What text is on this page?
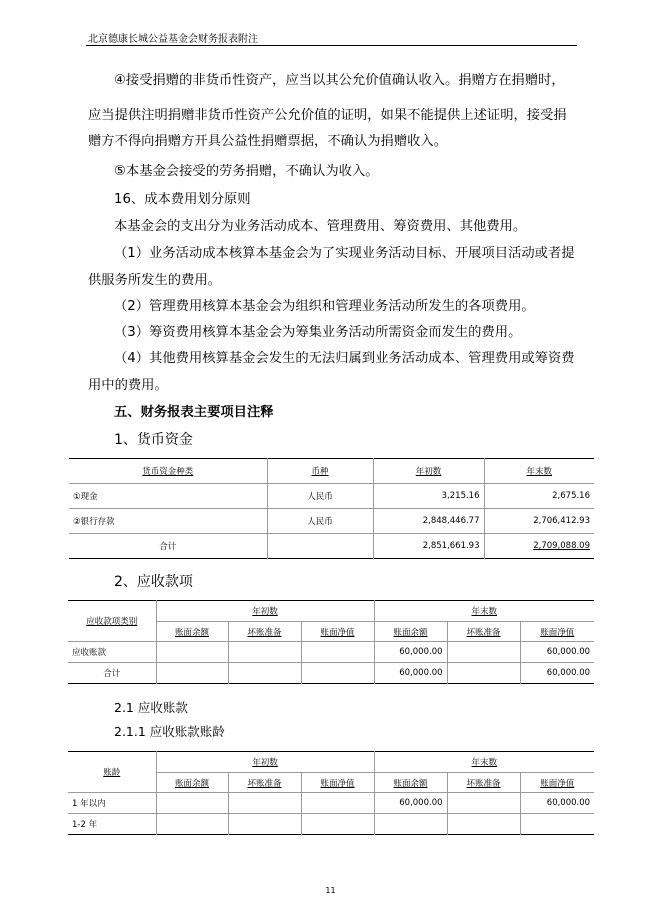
北京德康长城公益基金会财务报表附注
④接受捐赠的非货币性资产，应当以其公允价值确认收入。捐赠方在捐赠时，
应当提供注明捐赠非货币性资产公允价值的证明，如果不能提供上述证明，接受捐
赠方不得向捐赠方开具公益性捐赠票据，不确认为捐赠收入。
⑤本基金会接受的劳务捐赠，不确认为收入。
16、成本费用划分原则
本基金会的支出分为业务活动成本、管理费用、筹资费用、其他费用。
（1）业务活动成本核算本基金会为了实现业务活动目标、开展项目活动或者提
供服务所发生的费用。
（2）管理费用核算本基金会为组织和管理业务活动所发生的各项费用。
（3）筹资费用核算本基金会为筹集业务活动所需资金而发生的费用。
（4）其他费用核算基金会发生的无法归属到业务活动成本、管理费用或筹资费
用中的费用。
五、财务报表主要项目注释
1、货币资金
货币资金种类	币种	年初数	年末数
①现金	人民币	3,215.16	2,675.16
②银行存款	人民币	2,848,446.77	2,706,412.93
合计		2,851,661.93	2,709,088.09
2、应收款项
应收款项类别	年初数			年末数		
	账面余额	坏账准备	账面净值	账面余额	坏账准备	账面净值
应收账款				60,000.00		60,000.00
合计				60,000.00		60,000.00
2.1 应收账款
2.1.1 应收账款账龄
账龄	年初数			年末数		
	账面余额	坏账准备	账面净值	账面余额	坏账准备	账面净值
1 年以内				60,000.00		60,000.00
1-2 年						
11
